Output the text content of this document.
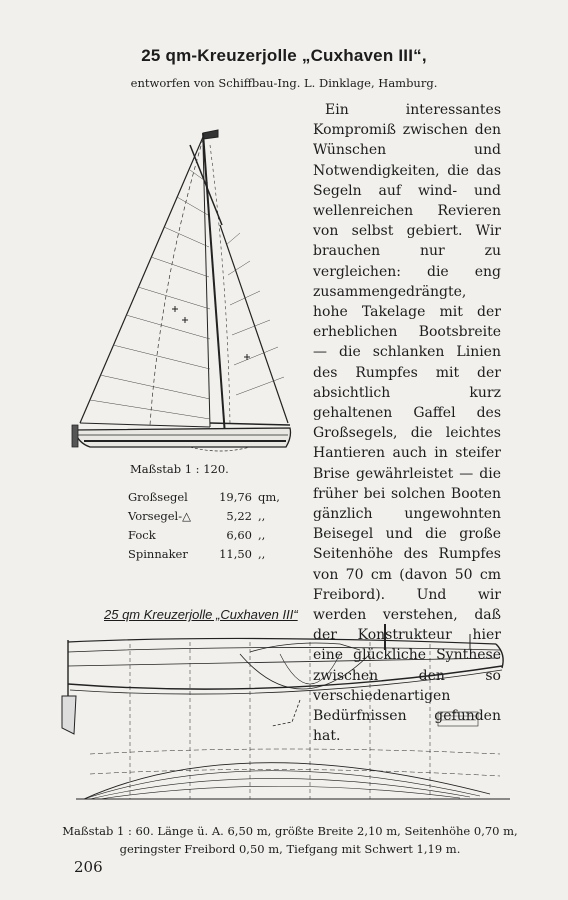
25 qm-Kreuzerjolle „Cuxhaven III“,
entworfen von Schiffbau-Ing. L. Dinklage, Hamburg.

Ein interessantes Kompromiß zwischen den Wünschen und Notwendigkeiten, die das Segeln auf wind- und wellenreichen Revieren von selbst gebiert. Wir brauchen nur zu vergleichen: die eng zusammengedrängte, hohe Takelage mit der erheblichen Bootsbreite — die schlanken Linien des Rumpfes mit der absichtlich kurz gehaltenen Gaffel des Großsegels, die leichtes Hantieren auch in steifer Brise gewährleistet — die früher bei solchen Booten gänzlich ungewohnten Beisegel und die große Seitenhöhe des Rumpfes von 70 cm (davon 50 cm Freibord). Und wir werden verstehen, daß der Konstrukteur hier eine glückliche Synthese zwischen den so verschiedenartigen Bedürfnissen gefunden hat.

Maßstab 1 : 120.
Großsegel	19,76	qm,
Vorsegel-△	5,22	,,
Fock	6,60	,,
Spinnaker	11,50	,,
25 qm Kreuzerjolle „Cuxhaven III“
Maßstab 1 : 60. Länge ü. A. 6,50 m, größte Breite 2,10 m, Seitenhöhe 0,70 m, geringster Freibord 0,50 m, Tiefgang mit Schwert 1,19 m.
206
